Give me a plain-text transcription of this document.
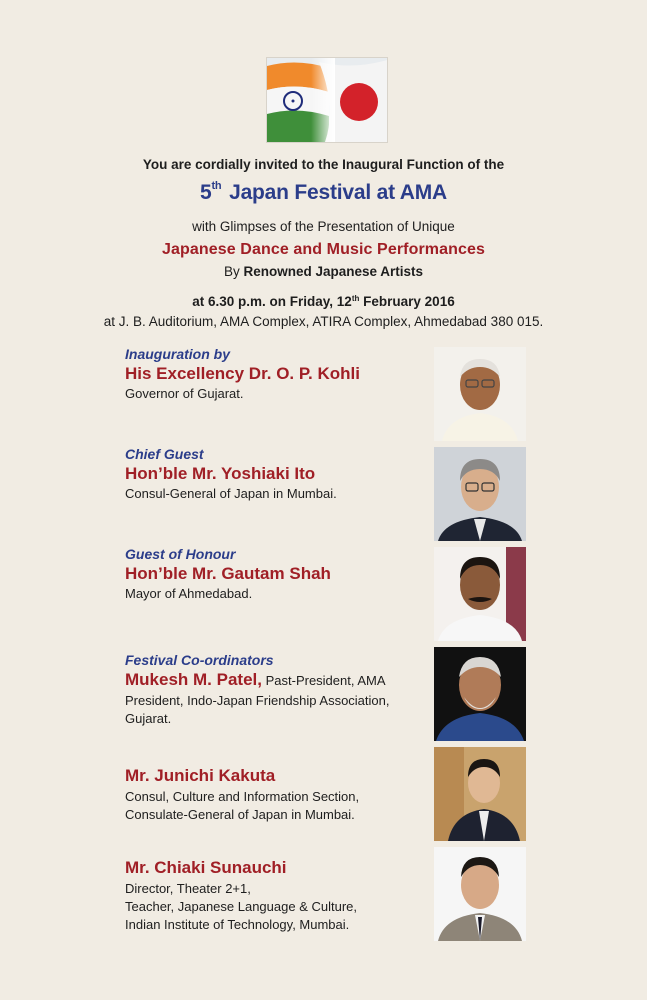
You are cordially invited to the Inaugural Function of the
5th Japan Festival at AMA
with Glimpses of the Presentation of Unique
Japanese Dance and Music Performances
By Renowned Japanese Artists
at 6.30 p.m. on Friday, 12th February 2016
at J. B. Auditorium, AMA Complex, ATIRA Complex, Ahmedabad 380 015.
Inauguration by
His Excellency Dr. O. P. Kohli
Governor of Gujarat.
Chief Guest
Hon’ble Mr. Yoshiaki Ito
Consul-General of Japan in Mumbai.
Guest of Honour
Hon’ble Mr. Gautam Shah
Mayor of Ahmedabad.
Festival Co-ordinators
Mukesh M. Patel, Past-President, AMA
President, Indo-Japan Friendship Association,
Gujarat.
Mr. Junichi Kakuta
Consul, Culture and Information Section,
Consulate-General of Japan in Mumbai.
Mr. Chiaki Sunauchi
Director, Theater 2+1,
Teacher, Japanese Language & Culture,
Indian Institute of Technology, Mumbai.
